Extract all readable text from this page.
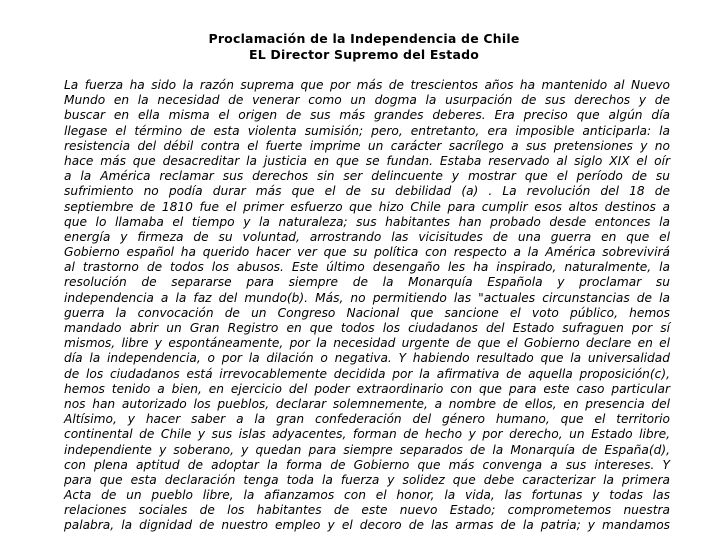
Proclamación de la Independencia de Chile
EL Director Supremo del Estado
La fuerza ha sido la razón suprema que por más de trescientos años ha mantenido al Nuevo
Mundo en la necesidad de venerar como un dogma la usurpación de sus derechos y de
buscar en ella misma el origen de sus más grandes deberes. Era preciso que algún día
llegase el término de esta violenta sumisión; pero, entretanto, era imposible anticiparla: la
resistencia del débil contra el fuerte imprime un carácter sacrílego a sus pretensiones y no
hace más que desacreditar la justicia en que se fundan. Estaba reservado al siglo XIX el oír
a la América reclamar sus derechos sin ser delincuente y mostrar que el período de su
sufrimiento no podía durar más que el de su debilidad (a) . La revolución del 18 de
septiembre de 1810 fue el primer esfuerzo que hizo Chile para cumplir esos altos destinos a
que lo llamaba el tiempo y la naturaleza; sus habitantes han probado desde entonces la
energía y firmeza de su voluntad, arrostrando las vicisitudes de una guerra en que el
Gobierno español ha querido hacer ver que su política con respecto a la América sobrevivirá
al trastorno de todos los abusos. Este último desengaño les ha inspirado, naturalmente, la
resolución de separarse para siempre de la Monarquía Española y proclamar su
independencia a la faz del mundo(b). Más, no permitiendo las "actuales circunstancias de la
guerra la convocación de un Congreso Nacional que sancione el voto público, hemos
mandado abrir un Gran Registro en que todos los ciudadanos del Estado sufraguen por sí
mismos, libre y espontáneamente, por la necesidad urgente de que el Gobierno declare en el
día la independencia, o por la dilación o negativa. Y habiendo resultado que la universalidad
de los ciudadanos está irrevocablemente decidida por la afirmativa de aquella proposición(c),
hemos tenido a bien, en ejercicio del poder extraordinario con que para este caso particular
nos han autorizado los pueblos, declarar solemnemente, a nombre de ellos, en presencia del
Altísimo, y hacer saber a la gran confederación del género humano, que el territorio
continental de Chile y sus islas adyacentes, forman de hecho y por derecho, un Estado libre,
independiente y soberano, y quedan para siempre separados de la Monarquía de España(d),
con plena aptitud de adoptar la forma de Gobierno que más convenga a sus intereses. Y
para que esta declaración tenga toda la fuerza y solidez que debe caracterizar la primera
Acta de un pueblo libre, la afianzamos con el honor, la vida, las fortunas y todas las
relaciones sociales de los habitantes de este nuevo Estado; comprometemos nuestra
palabra, la dignidad de nuestro empleo y el decoro de las armas de la patria; y mandamos
